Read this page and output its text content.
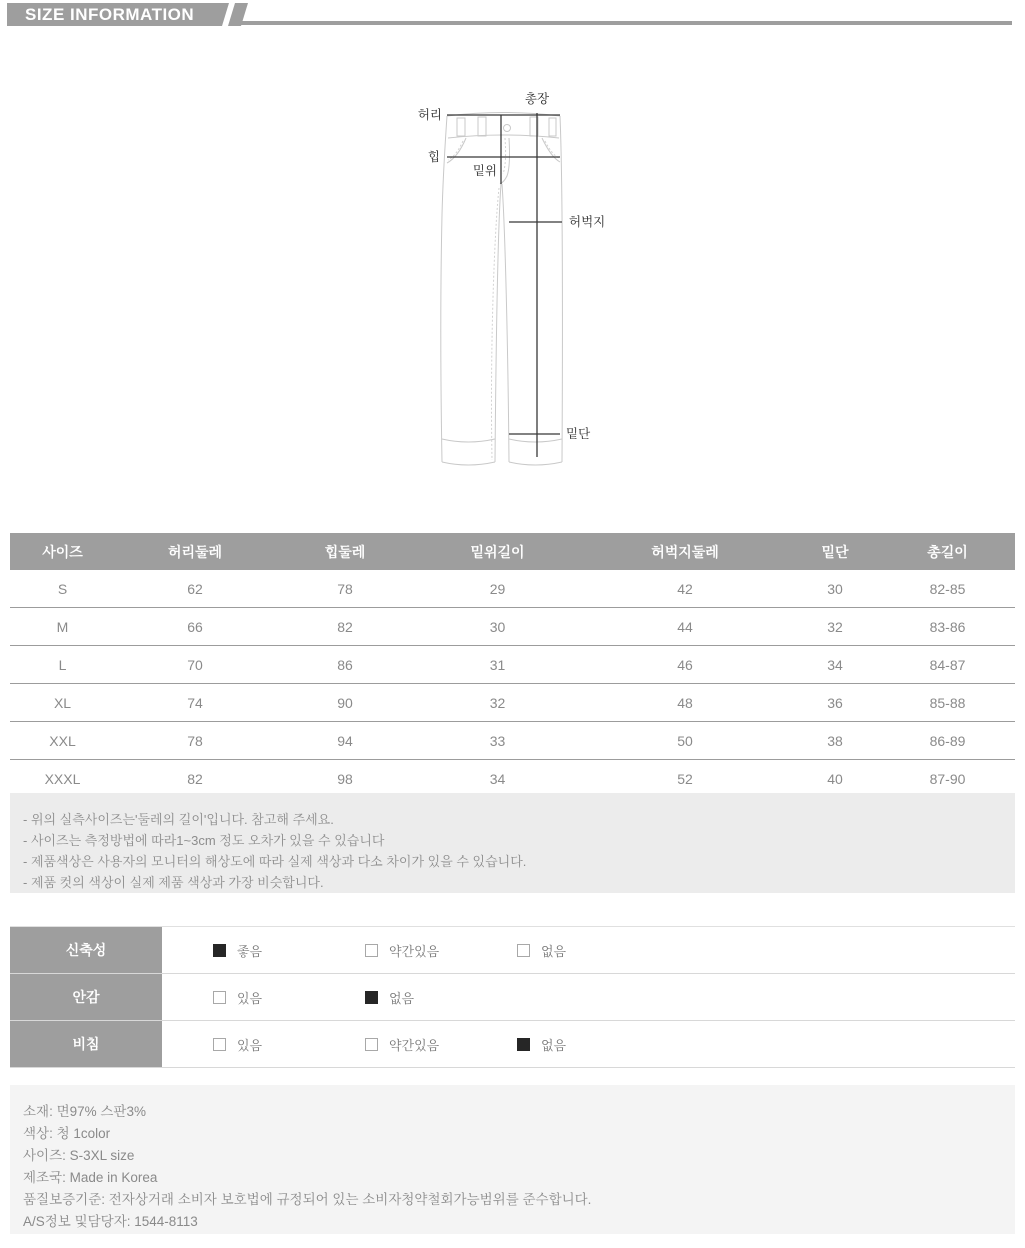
SIZE INFORMATION
허리
힙
밑위
총장
허벅지
밑단
사이즈	허리둘레	힙둘레	밑위길이	허벅지둘레	밑단	총길이
S	62	78	29	42	30	82-85
M	66	82	30	44	32	83-86
L	70	86	31	46	34	84-87
XL	74	90	32	48	36	85-88
XXL	78	94	33	50	38	86-89
XXXL	82	98	34	52	40	87-90
- 위의 실측사이즈는'둘레의 길이'입니다. 참고해 주세요.
- 사이즈는 측정방법에 따라1~3cm 정도 오차가 있을 수 있습니다
- 제품색상은 사용자의 모니터의 해상도에 따라 실제 색상과 다소 차이가 있을 수 있습니다.
- 제품 컷의 색상이 실제 제품 색상과 가장 비슷합니다.
신축성	좋음	약간있음	없음
안감	있음	없음
비침	있음	약간있음	없음
소재: 면97% 스판3%
색상: 청 1color
사이즈: S-3XL size
제조국: Made in Korea
품질보증기준: 전자상거래 소비자 보호법에 규정되어 있는 소비자청약철회가능범위를 준수합니다.
A/S정보 및담당자: 1544-8113
